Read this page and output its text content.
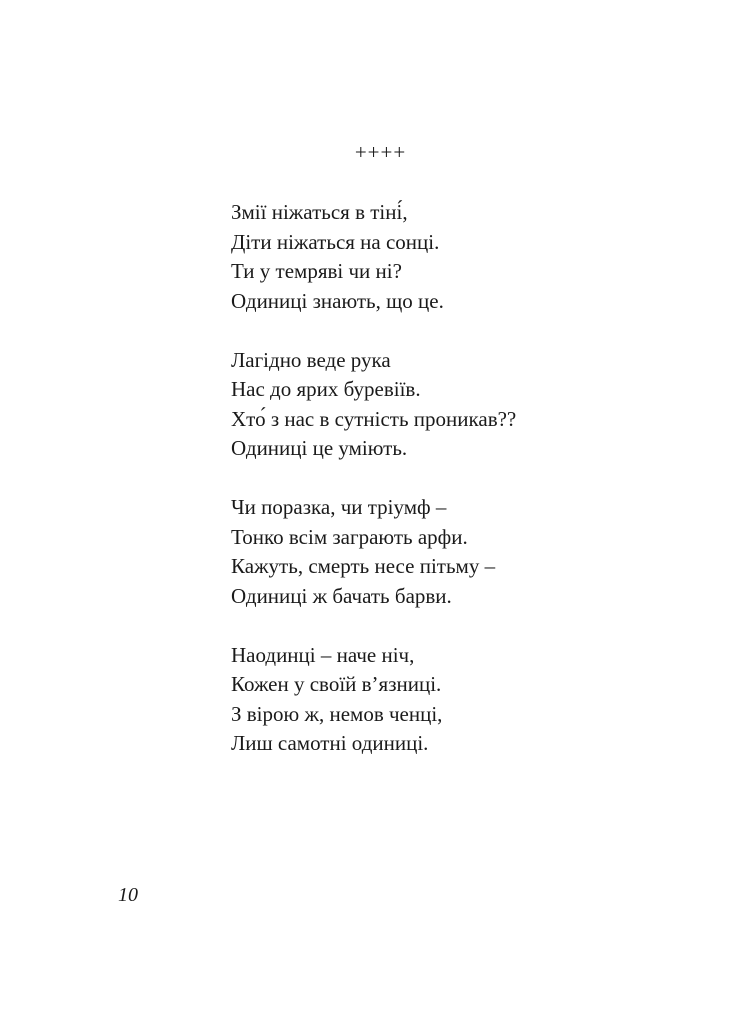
++++
Змії ніжаться в тіні́,
Діти ніжаться на сонці.
Ти у темряві чи ні?
Одиниці знають, що це.
Лагідно веде рука
Нас до ярих буревіїв.
Хто́ з нас в сутність проникав??
Одиниці це уміють.
Чи поразка, чи тріумф –
Тонко всім заграють арфи.
Кажуть, смерть несе пітьму –
Одиниці ж бачать барви.
Наодинці – наче ніч,
Кожен у своїй в’язниці.
З вірою ж, немов ченці,
Лиш самотні одиниці.
10
